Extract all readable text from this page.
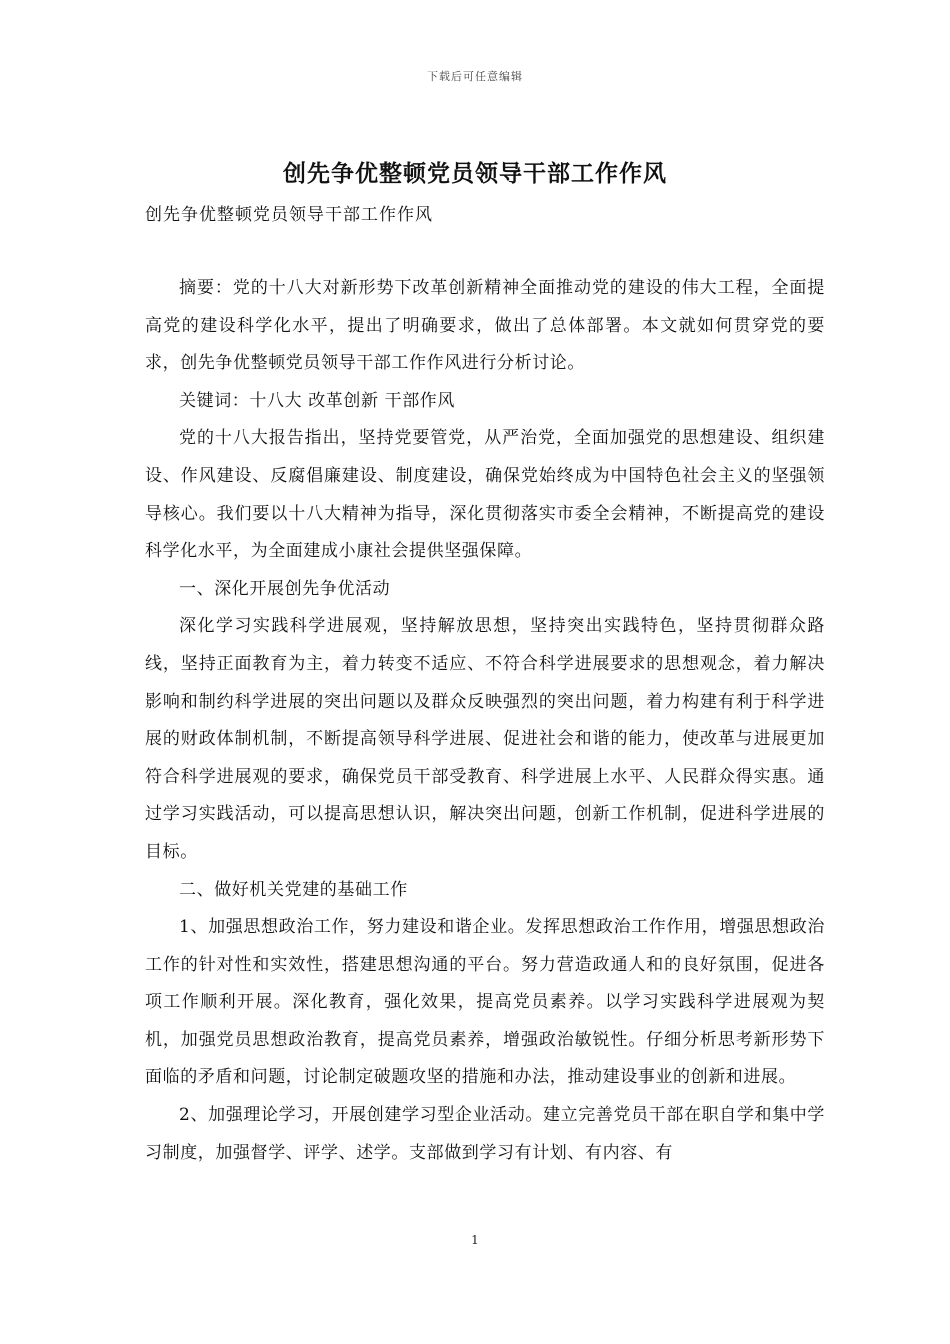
下载后可任意编辑
创先争优整顿党员领导干部工作作风
创先争优整顿党员领导干部工作作风

摘要：党的十八大对新形势下改革创新精神全面推动党的建设的伟大工程，全面提高党的建设科学化水平，提出了明确要求，做出了总体部署。本文就如何贯穿党的要求，创先争优整顿党员领导干部工作作风进行分析讨论。

关键词：十八大 改革创新 干部作风

党的十八大报告指出，坚持党要管党，从严治党，全面加强党的思想建设、组织建设、作风建设、反腐倡廉建设、制度建设，确保党始终成为中国特色社会主义的坚强领导核心。我们要以十八大精神为指导，深化贯彻落实市委全会精神，不断提高党的建设科学化水平，为全面建成小康社会提供坚强保障。

一、深化开展创先争优活动

深化学习实践科学进展观，坚持解放思想，坚持突出实践特色，坚持贯彻群众路线，坚持正面教育为主，着力转变不适应、不符合科学进展要求的思想观念，着力解决影响和制约科学进展的突出问题以及群众反映强烈的突出问题，着力构建有利于科学进展的财政体制机制，不断提高领导科学进展、促进社会和谐的能力，使改革与进展更加符合科学进展观的要求，确保党员干部受教育、科学进展上水平、人民群众得实惠。通过学习实践活动，可以提高思想认识，解决突出问题，创新工作机制，促进科学进展的目标。

二、做好机关党建的基础工作

1、加强思想政治工作，努力建设和谐企业。发挥思想政治工作作用，增强思想政治工作的针对性和实效性，搭建思想沟通的平台。努力营造政通人和的良好氛围，促进各项工作顺利开展。深化教育，强化效果，提高党员素养。以学习实践科学进展观为契机，加强党员思想政治教育，提高党员素养，增强政治敏锐性。仔细分析思考新形势下面临的矛盾和问题，讨论制定破题攻坚的措施和办法，推动建设事业的创新和进展。

2、加强理论学习，开展创建学习型企业活动。建立完善党员干部在职自学和集中学习制度，加强督学、评学、述学。支部做到学习有计划、有内容、有

1
